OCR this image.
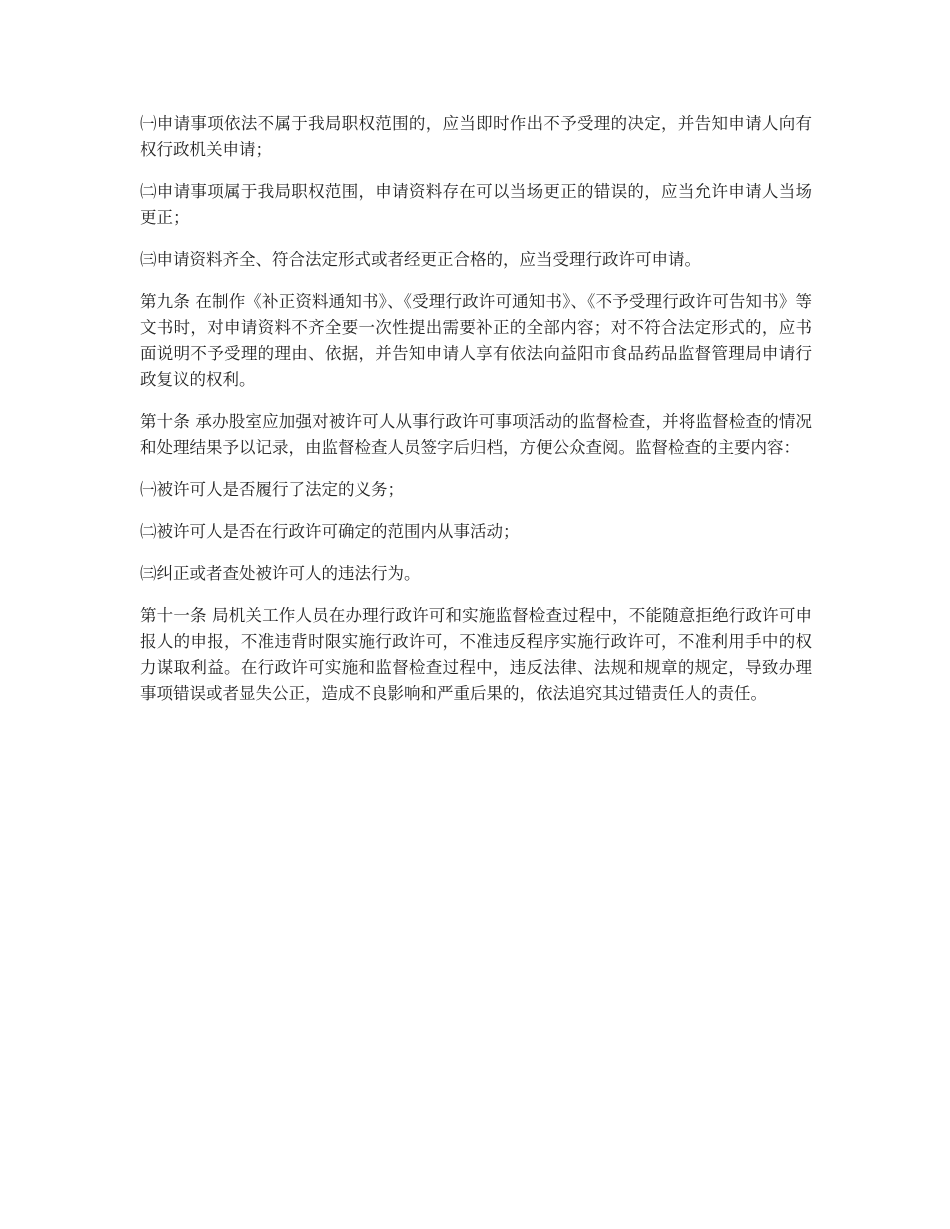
㈠申请事项依法不属于我局职权范围的，应当即时作出不予受理的决定，并告知申请人向有权行政机关申请；

㈡申请事项属于我局职权范围，申请资料存在可以当场更正的错误的，应当允许申请人当场更正；

㈢申请资料齐全、符合法定形式或者经更正合格的，应当受理行政许可申请。

第九条 在制作《补正资料通知书》、《受理行政许可通知书》、《不予受理行政许可告知书》等文书时，对申请资料不齐全要一次性提出需要补正的全部内容；对不符合法定形式的，应书面说明不予受理的理由、依据，并告知申请人享有依法向益阳市食品药品监督管理局申请行政复议的权利。

第十条 承办股室应加强对被许可人从事行政许可事项活动的监督检查，并将监督检查的情况和处理结果予以记录，由监督检查人员签字后归档，方便公众查阅。监督检查的主要内容：

㈠被许可人是否履行了法定的义务；

㈡被许可人是否在行政许可确定的范围内从事活动；

㈢纠正或者查处被许可人的违法行为。

第十一条 局机关工作人员在办理行政许可和实施监督检查过程中，不能随意拒绝行政许可申报人的申报，不准违背时限实施行政许可，不准违反程序实施行政许可，不准利用手中的权力谋取利益。在行政许可实施和监督检查过程中，违反法律、法规和规章的规定，导致办理事项错误或者显失公正，造成不良影响和严重后果的，依法追究其过错责任人的责任。
